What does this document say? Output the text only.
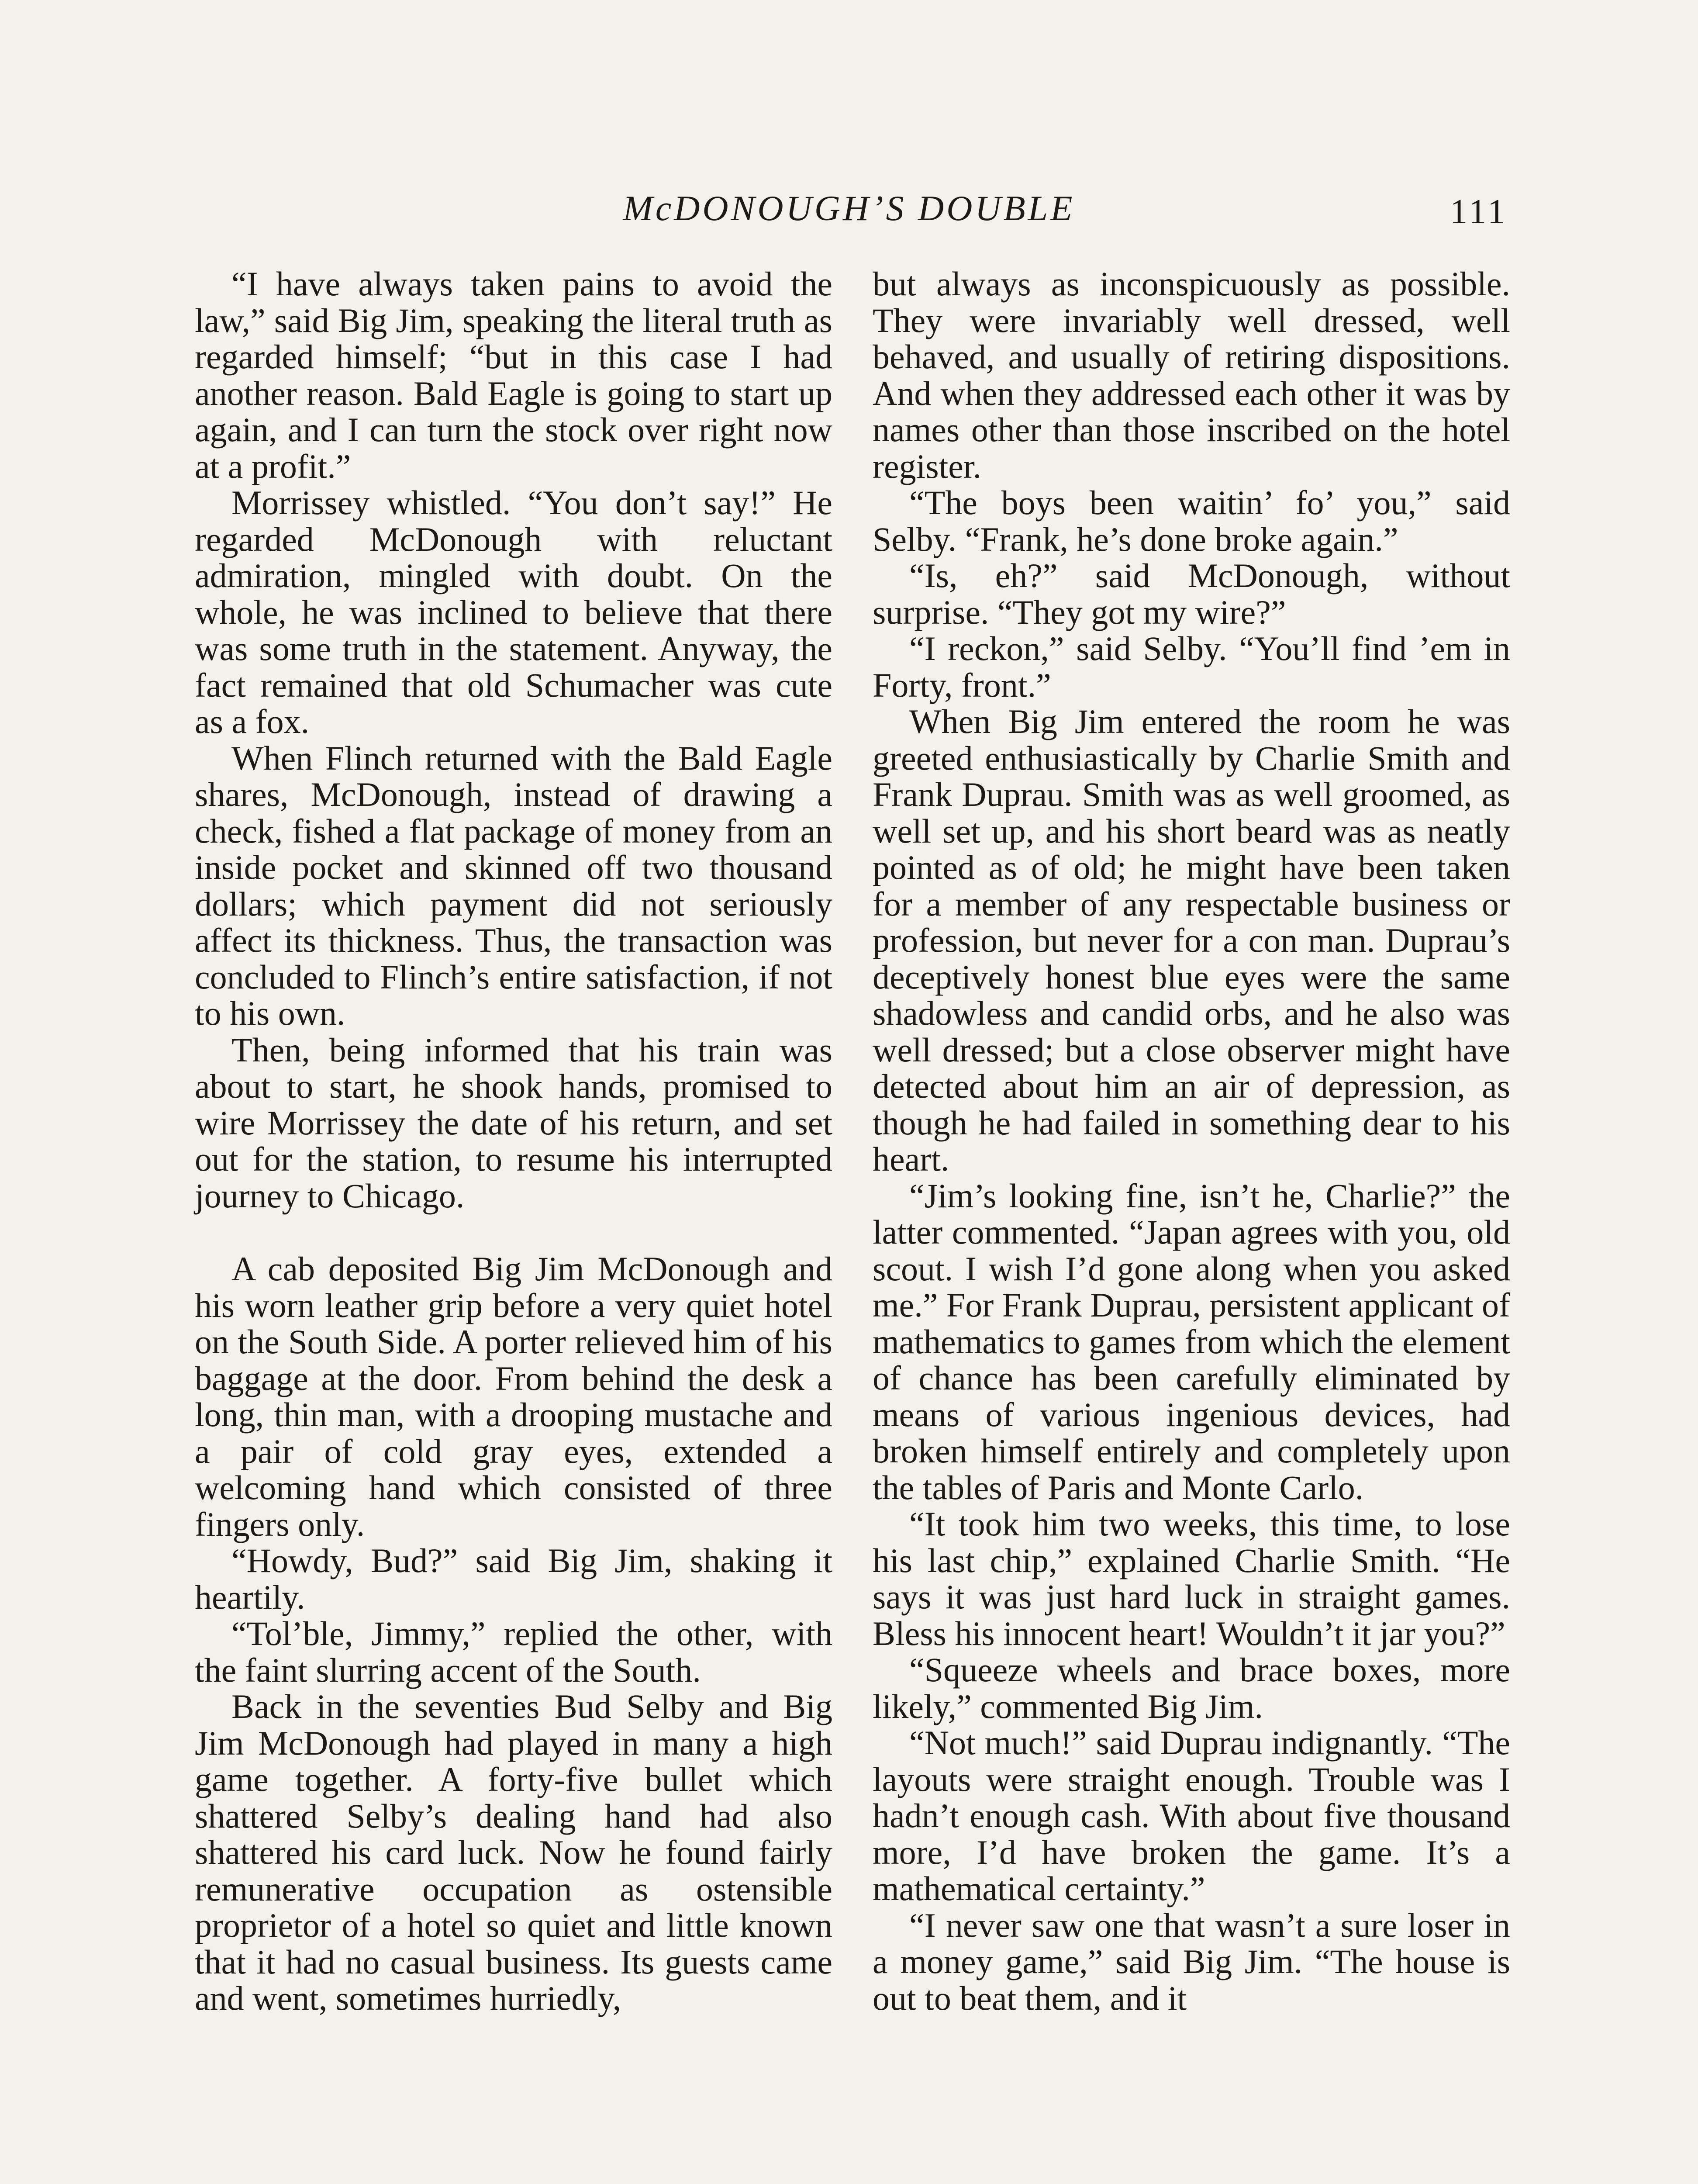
McDONOUGH’S DOUBLE	111

“I have always taken pains to avoid the law,” said Big Jim, speaking the literal truth as regarded himself; “but in this case I had another reason. Bald Eagle is going to start up again, and I can turn the stock over right now at a profit.”

Morrissey whistled. “You don’t say!” He regarded McDonough with reluctant admiration, mingled with doubt. On the whole, he was inclined to believe that there was some truth in the statement. Anyway, the fact remained that old Schumacher was cute as a fox.

When Flinch returned with the Bald Eagle shares, McDonough, instead of drawing a check, fished a flat package of money from an inside pocket and skinned off two thousand dollars; which payment did not seriously affect its thickness. Thus, the transaction was concluded to Flinch’s entire satisfaction, if not to his own.

Then, being informed that his train was about to start, he shook hands, promised to wire Morrissey the date of his return, and set out for the station, to resume his interrupted journey to Chicago.

A cab deposited Big Jim McDonough and his worn leather grip before a very quiet hotel on the South Side. A porter relieved him of his baggage at the door. From behind the desk a long, thin man, with a drooping mustache and a pair of cold gray eyes, extended a welcoming hand which consisted of three fingers only.

“Howdy, Bud?” said Big Jim, shaking it heartily.

“Tol’ble, Jimmy,” replied the other, with the faint slurring accent of the South.

Back in the seventies Bud Selby and Big Jim McDonough had played in many a high game together. A forty-five bullet which shattered Selby’s dealing hand had also shattered his card luck. Now he found fairly remunerative occupation as ostensible proprietor of a hotel so quiet and little known that it had no casual business. Its guests came and went, sometimes hurriedly,

but always as inconspicuously as possible. They were invariably well dressed, well behaved, and usually of retiring dispositions. And when they addressed each other it was by names other than those inscribed on the hotel register.

“The boys been waitin’ fo’ you,” said Selby. “Frank, he’s done broke again.”

“Is, eh?” said McDonough, without surprise. “They got my wire?”

“I reckon,” said Selby. “You’ll find ’em in Forty, front.”

When Big Jim entered the room he was greeted enthusiastically by Charlie Smith and Frank Duprau. Smith was as well groomed, as well set up, and his short beard was as neatly pointed as of old; he might have been taken for a member of any respectable business or profession, but never for a con man. Duprau’s deceptively honest blue eyes were the same shadowless and candid orbs, and he also was well dressed; but a close observer might have detected about him an air of depression, as though he had failed in something dear to his heart.

“Jim’s looking fine, isn’t he, Charlie?” the latter commented. “Japan agrees with you, old scout. I wish I’d gone along when you asked me.” For Frank Duprau, persistent applicant of mathematics to games from which the element of chance has been carefully eliminated by means of various ingenious devices, had broken himself entirely and completely upon the tables of Paris and Monte Carlo.

“It took him two weeks, this time, to lose his last chip,” explained Charlie Smith. “He says it was just hard luck in straight games. Bless his innocent heart! Wouldn’t it jar you?”

“Squeeze wheels and brace boxes, more likely,” commented Big Jim.

“Not much!” said Duprau indignantly. “The layouts were straight enough. Trouble was I hadn’t enough cash. With about five thousand more, I’d have broken the game. It’s a mathematical certainty.”

“I never saw one that wasn’t a sure loser in a money game,” said Big Jim. “The house is out to beat them, and it
